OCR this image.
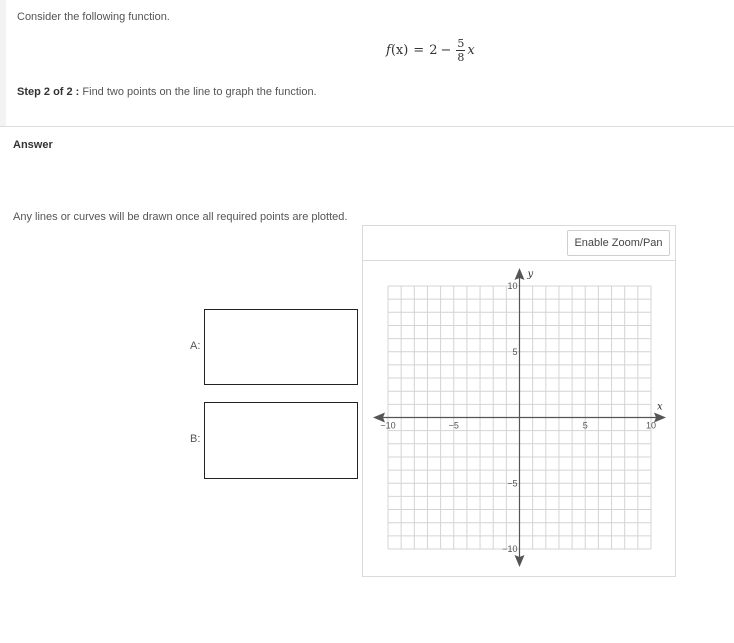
Consider the following function.
f $(x) = 2 - \frac{5}{8}$ x
Step 2 of 2 : Find two points on the line to graph the function.
Answer
Any lines or curves will be drawn once all required points are plotted.
A:
B:
Enable Zoom/Pan
−10	−5	5	10
10
5
−5
−10
x
y
